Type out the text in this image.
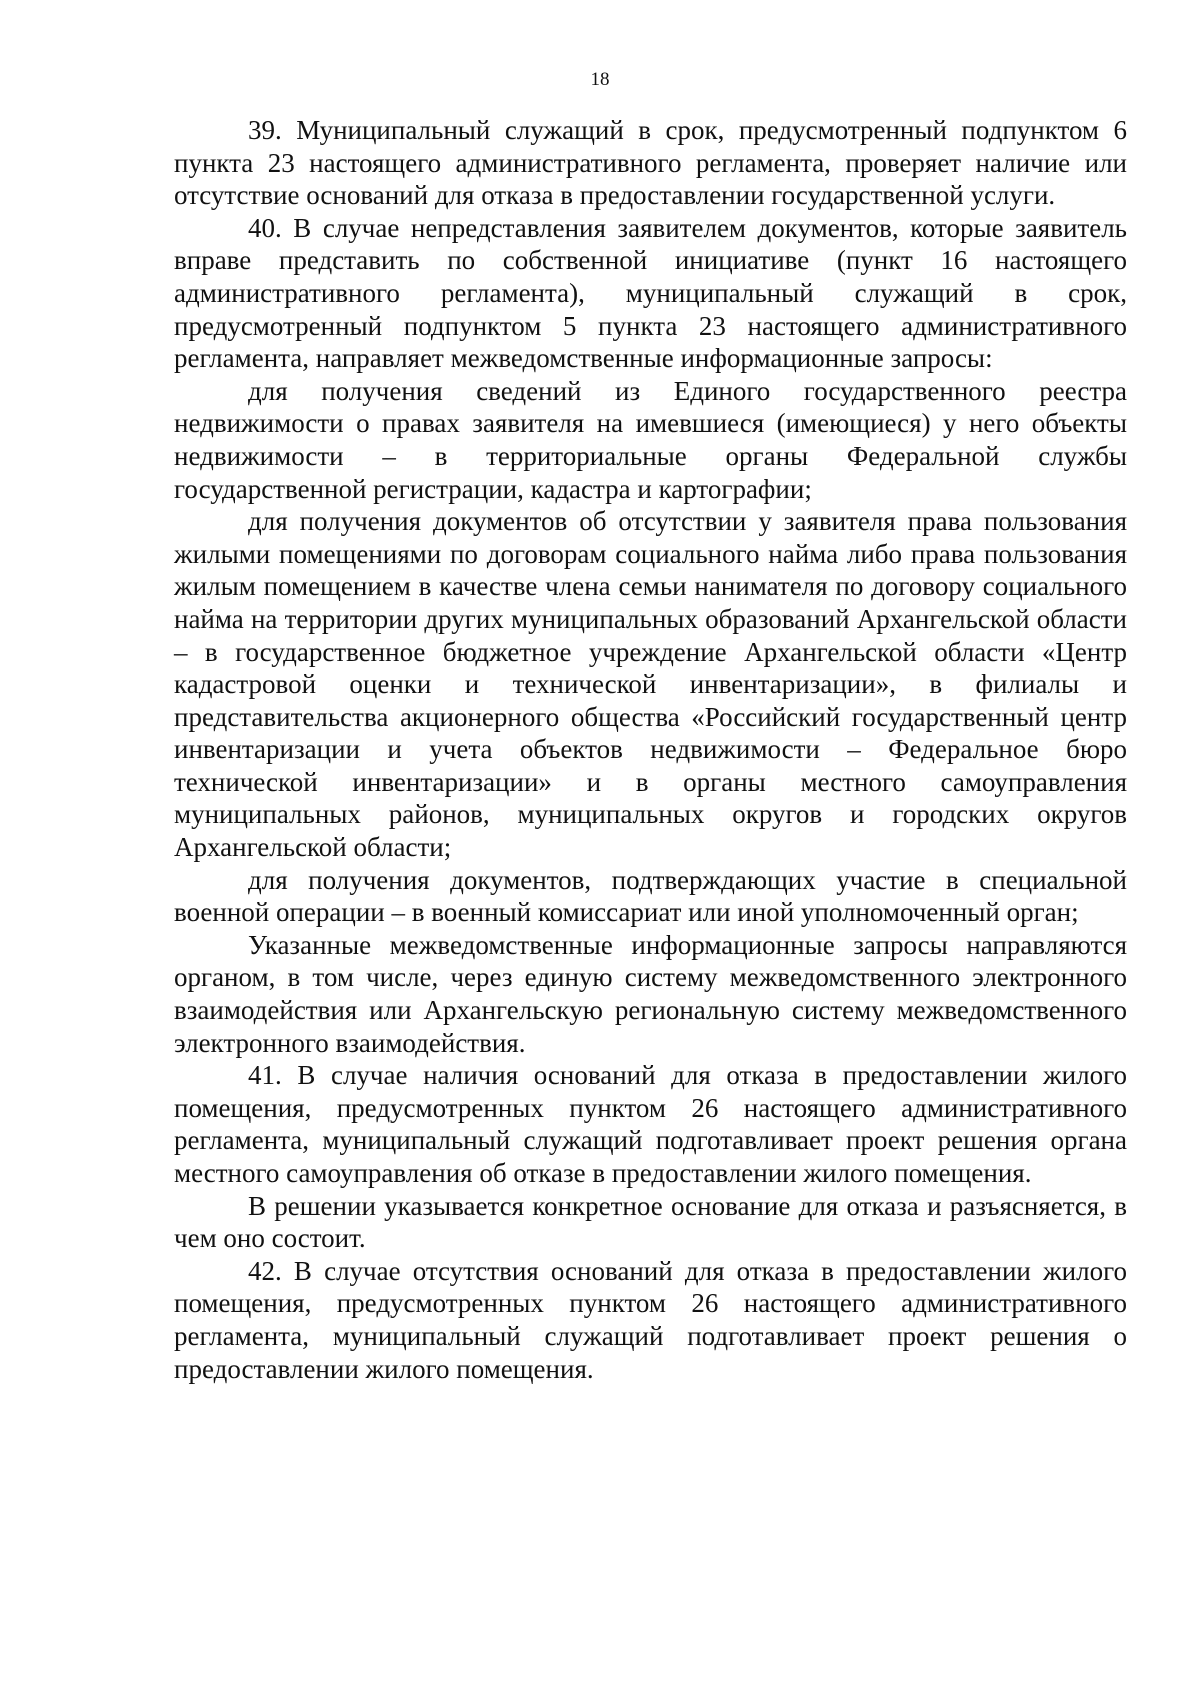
18

39. Муниципальный служащий в срок, предусмотренный подпунктом 6 пункта 23 настоящего административного регламента, проверяет наличие или отсутствие оснований для отказа в предоставлении государственной услуги.

40. В случае непредставления заявителем документов, которые заявитель вправе представить по собственной инициативе (пункт 16 настоящего административного регламента), муниципальный служащий в срок, предусмотренный подпунктом 5 пункта 23 настоящего административного регламента, направляет межведомственные информационные запросы:

для получения сведений из Единого государственного реестра недвижимости о правах заявителя на имевшиеся (имеющиеся) у него объекты недвижимости – в территориальные органы Федеральной службы государственной регистрации, кадастра и картографии;

для получения документов об отсутствии у заявителя права пользования жилыми помещениями по договорам социального найма либо права пользования жилым помещением в качестве члена семьи нанимателя по договору социального найма на территории других муниципальных образований Архангельской области – в государственное бюджетное учреждение Архангельской области «Центр кадастровой оценки и технической инвентаризации», в филиалы и представительства акционерного общества «Российский государственный центр инвентаризации и учета объектов недвижимости – Федеральное бюро технической инвентаризации» и в органы местного самоуправления муниципальных районов, муниципальных округов и городских округов Архангельской области;

для получения документов, подтверждающих участие в специальной военной операции – в военный комиссариат или иной уполномоченный орган;

Указанные межведомственные информационные запросы направляются органом, в том числе, через единую систему межведомственного электронного взаимодействия или Архангельскую региональную систему межведомственного электронного взаимодействия.

41. В случае наличия оснований для отказа в предоставлении жилого помещения, предусмотренных пунктом 26 настоящего административного регламента, муниципальный служащий подготавливает проект решения органа местного самоуправления об отказе в предоставлении жилого помещения.

В решении указывается конкретное основание для отказа и разъясняется, в чем оно состоит.

42. В случае отсутствия оснований для отказа в предоставлении жилого помещения, предусмотренных пунктом 26 настоящего административного регламента, муниципальный служащий подготавливает проект решения о предоставлении жилого помещения.
